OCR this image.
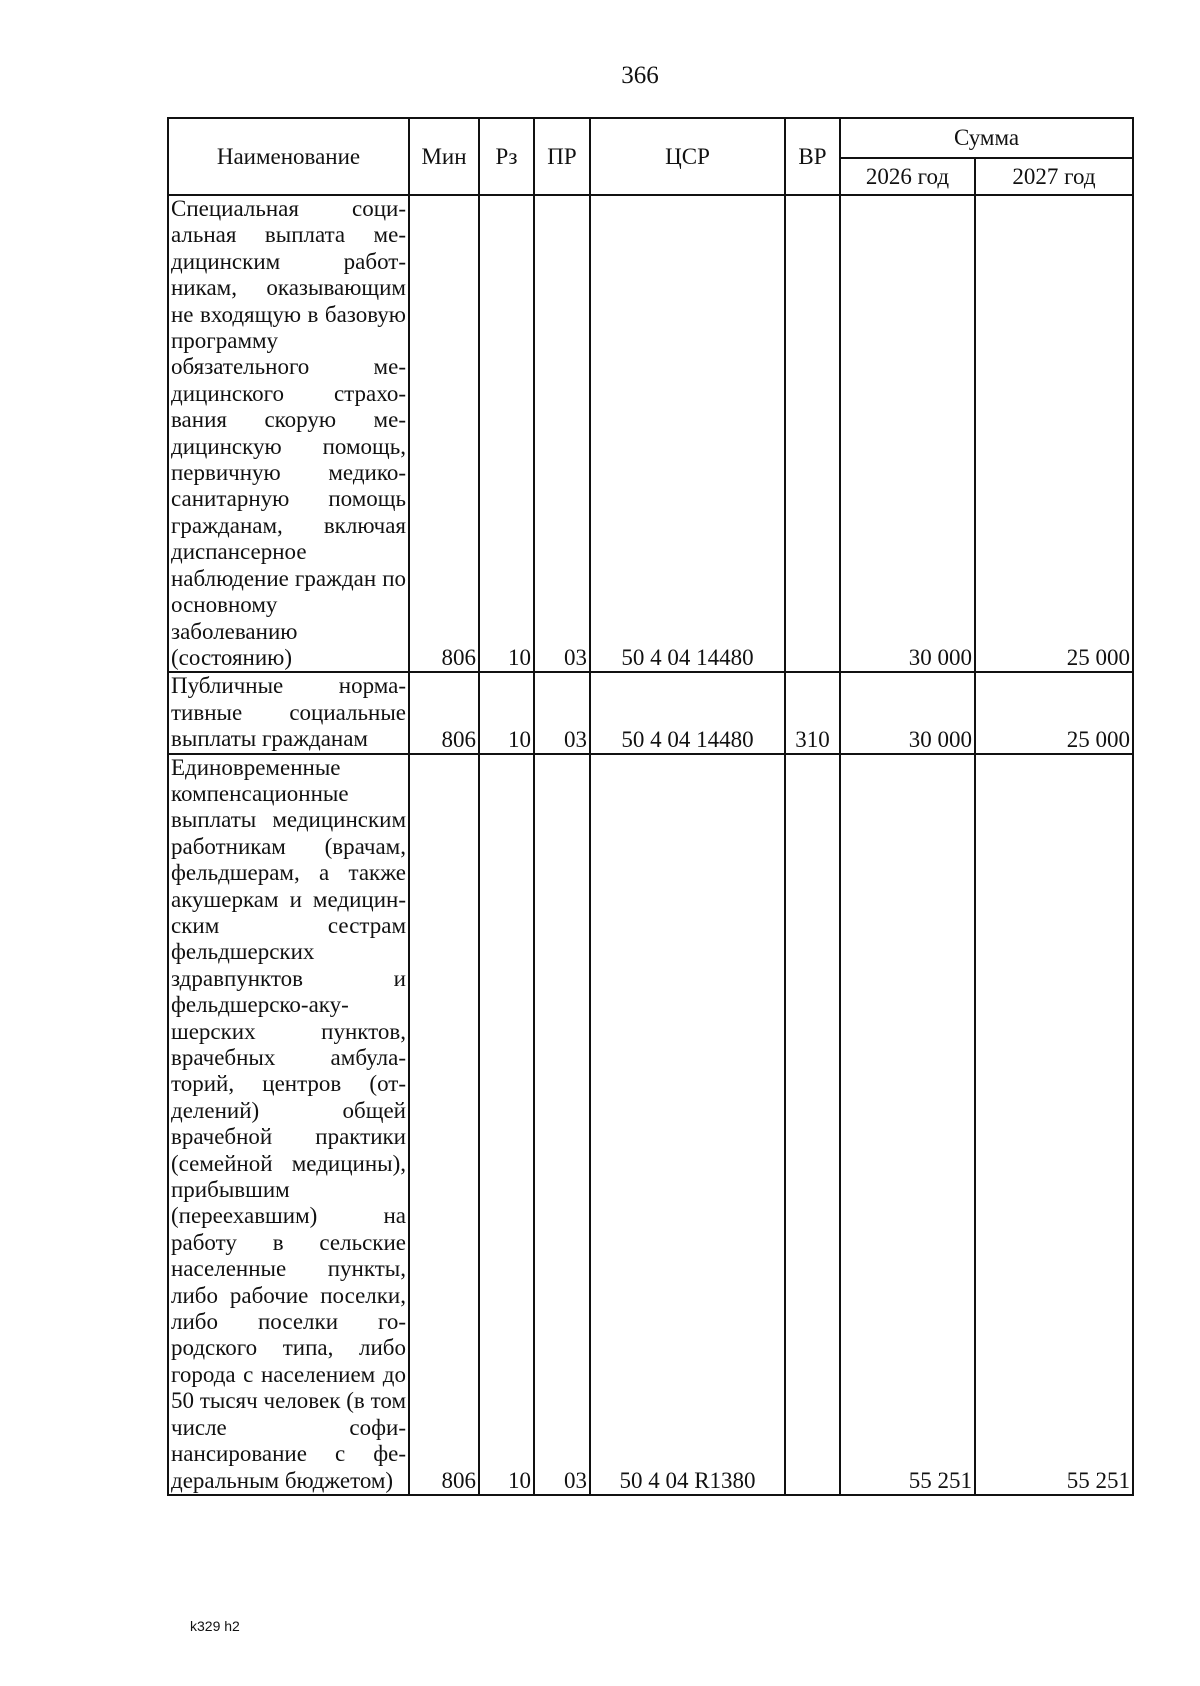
366
Наименование	Мин	Рз	ПР	ЦСР	ВР	Сумма	
						2026 год	2027 год
Специальная социальная выплата медицинским работникам, оказывающим не входящую в базовую программу обязательного медицинского страхования скорую медицинскую помощь, первичную медико-санитарную помощь гражданам, включая диспансерное наблюдение граждан по основному заболеванию (состоянию)	806	10	03	50 4 04 14480		30 000	25 000
Публичные нормативные социальные выплаты гражданам	806	10	03	50 4 04 14480	310	30 000	25 000
Единовременные компенсационные выплаты медицинским работникам (врачам, фельдшерам, а также акушеркам и медицинским сестрам фельдшерских здравпунктов и фельдшерско-акушерских пунктов, врачебных амбулаторий, центров (отделений) общей врачебной практики (семейной медицины), прибывшим (переехавшим) на работу в сельские населенные пункты, либо рабочие поселки, либо поселки городского типа, либо города с населением до 50 тысяч человек (в том числе софинансирование с федеральным бюджетом)	806	10	03	50 4 04 R1380		55 251	55 251
k329 h2
